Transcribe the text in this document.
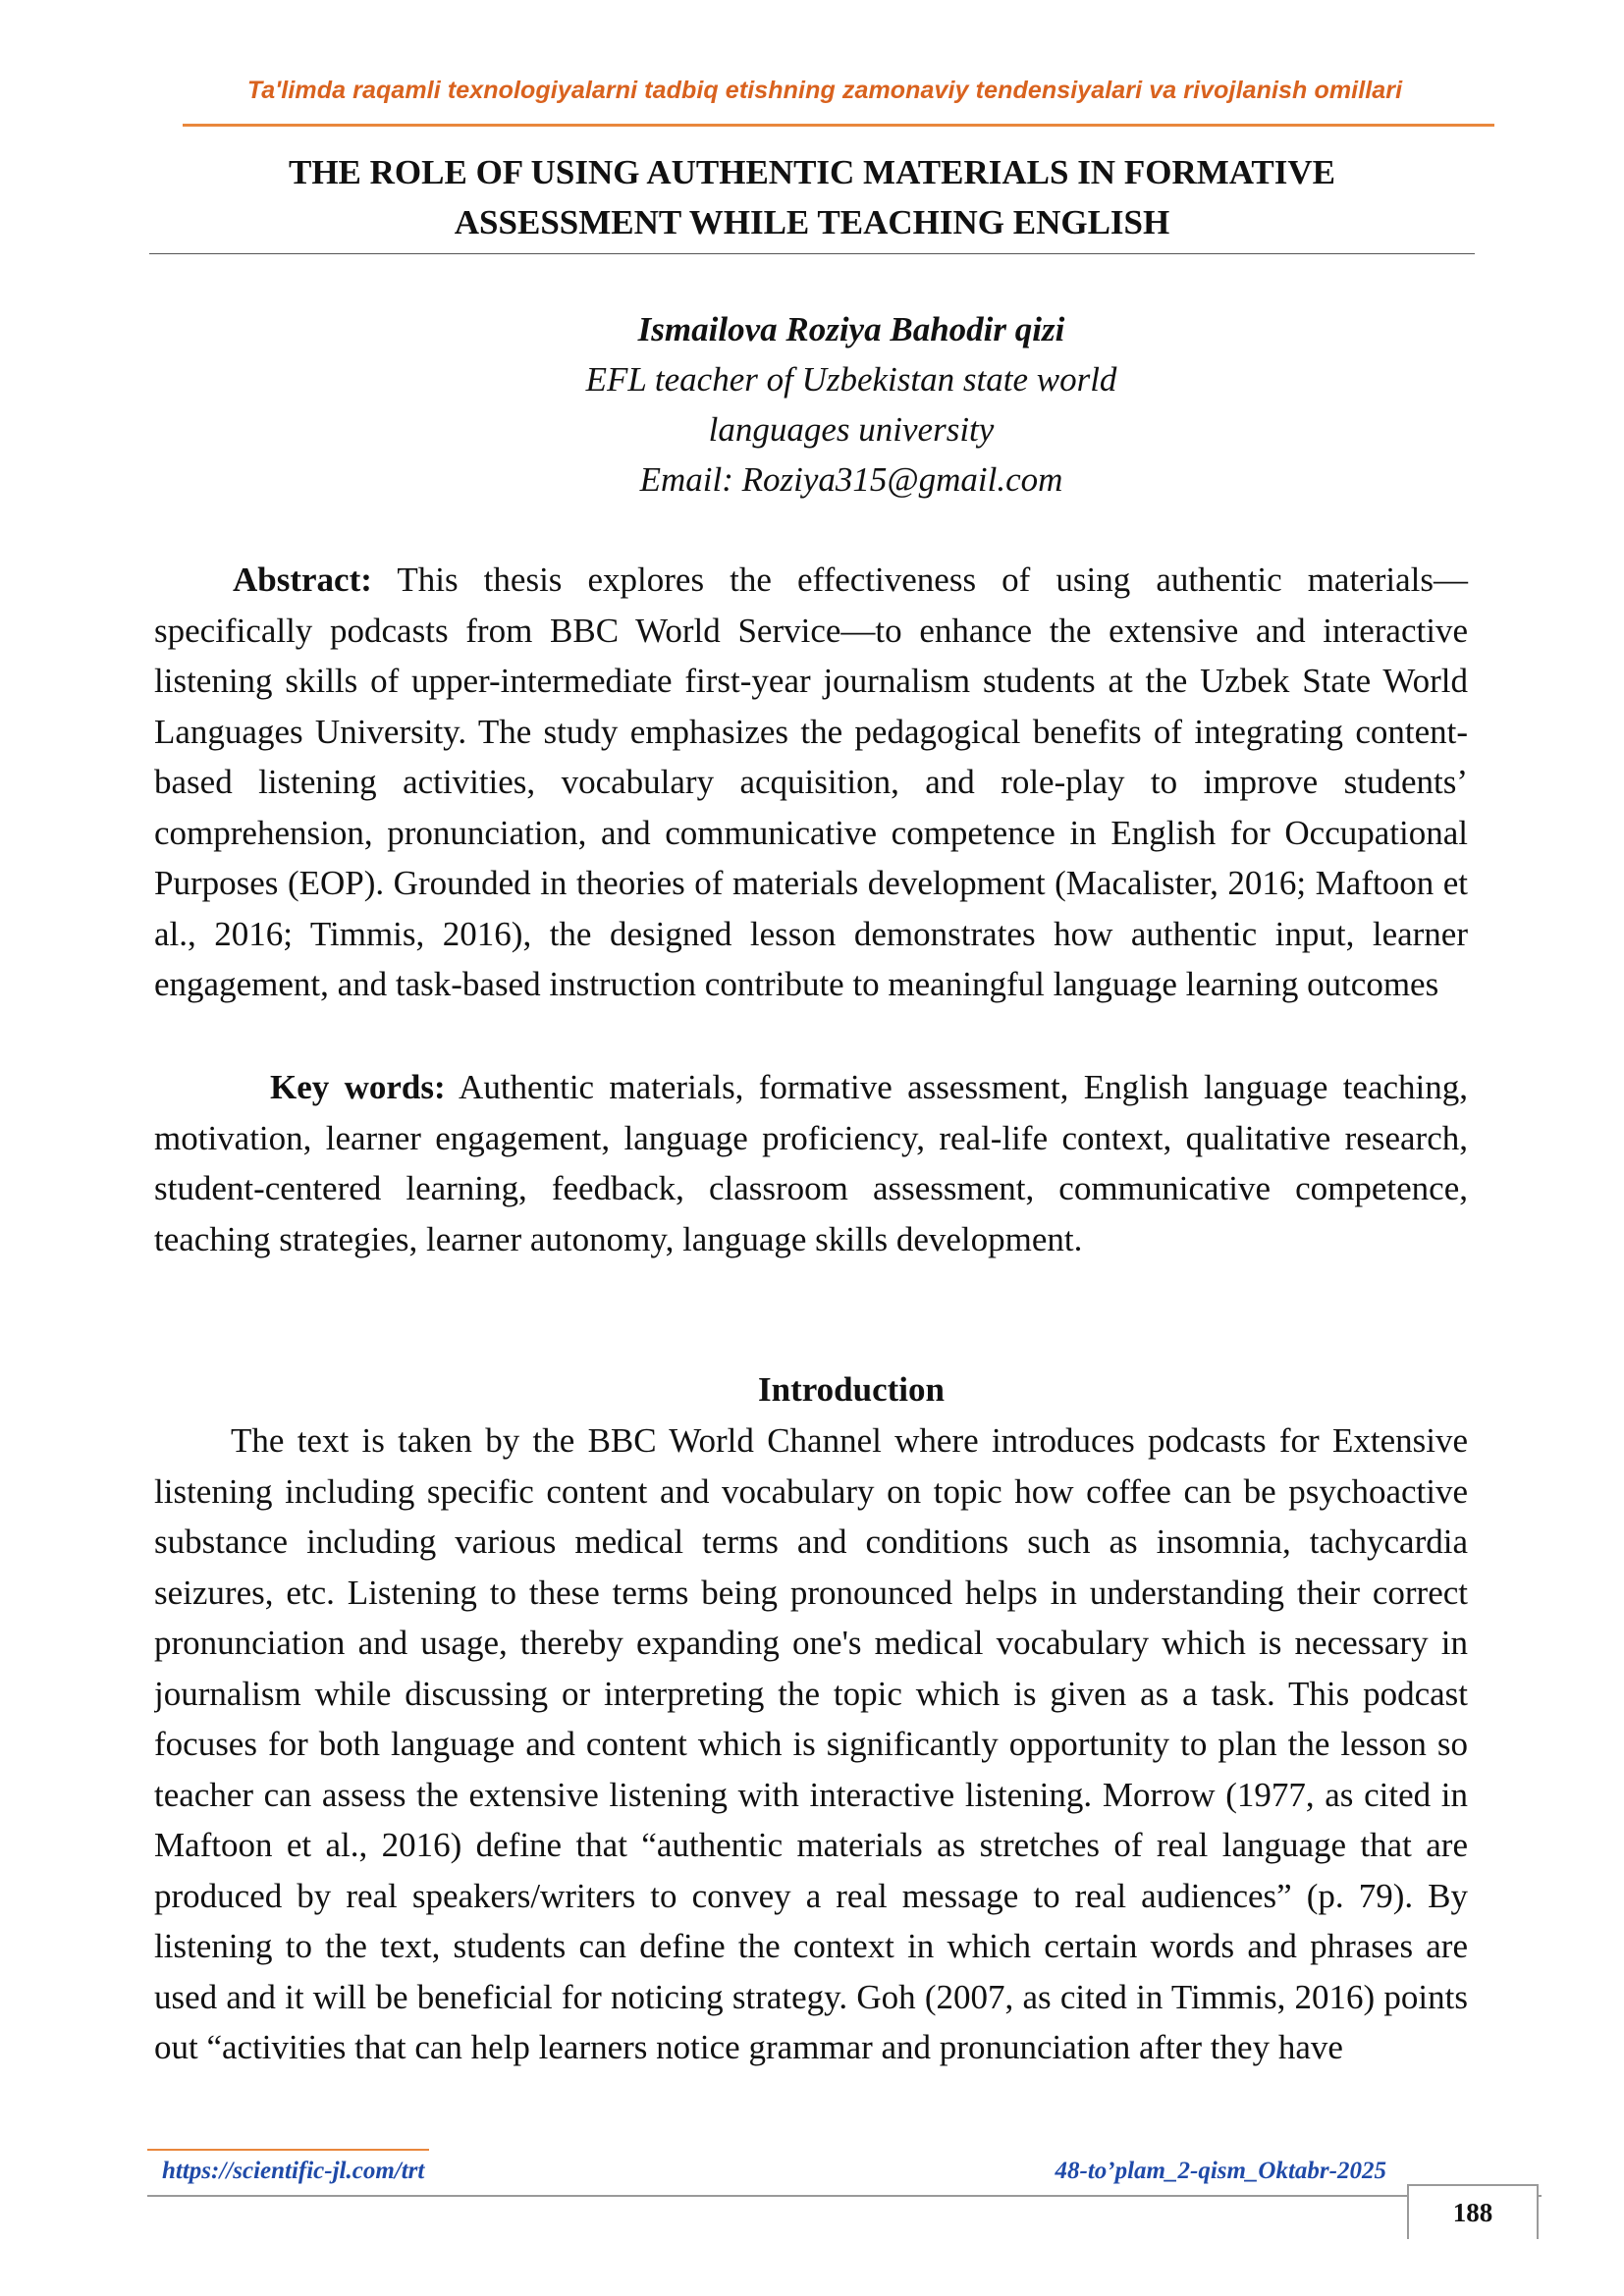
Ta'limda raqamli texnologiyalarni tadbiq etishning zamonaviy tendensiyalari va rivojlanish omillari
THE ROLE OF USING AUTHENTIC MATERIALS IN FORMATIVE
ASSESSMENT WHILE TEACHING ENGLISH
Ismailova Roziya Bahodir qizi
EFL teacher of Uzbekistan state world
languages university
Email: Roziya315@gmail.com
Abstract: This thesis explores the effectiveness of using authentic materials—specifically podcasts from BBC World Service—to enhance the extensive and interactive listening skills of upper-intermediate first-year journalism students at the Uzbek State World Languages University. The study emphasizes the pedagogical benefits of integrating content-based listening activities, vocabulary acquisition, and role-play to improve students’ comprehension, pronunciation, and communicative competence in English for Occupational Purposes (EOP). Grounded in theories of materials development (Macalister, 2016; Maftoon et al., 2016; Timmis, 2016), the designed lesson demonstrates how authentic input, learner engagement, and task-based instruction contribute to meaningful language learning outcomes
Key words: Authentic materials, formative assessment, English language teaching, motivation, learner engagement, language proficiency, real-life context, qualitative research, student-centered learning, feedback, classroom assessment, communicative competence, teaching strategies, learner autonomy, language skills development.
Introduction
The text is taken by the BBC World Channel where introduces podcasts for Extensive listening including specific content and vocabulary on topic how coffee can be psychoactive substance including various medical terms and conditions such as insomnia, tachycardia seizures, etc. Listening to these terms being pronounced helps in understanding their correct pronunciation and usage, thereby expanding one's medical vocabulary which is necessary in journalism while discussing or interpreting the topic which is given as a task. This podcast focuses for both language and content which is significantly opportunity to plan the lesson so teacher can assess the extensive listening with interactive listening. Morrow (1977, as cited in Maftoon et al., 2016) define that “authentic materials as stretches of real language that are produced by real speakers/writers to convey a real message to real audiences” (p. 79). By listening to the text, students can define the context in which certain words and phrases are used and it will be beneficial for noticing strategy. Goh (2007, as cited in Timmis, 2016) points out “activities that can help learners notice grammar and pronunciation after they have
https://scientific-jl.com/trt	48-to’plam_2-qism_Oktabr-2025
188
